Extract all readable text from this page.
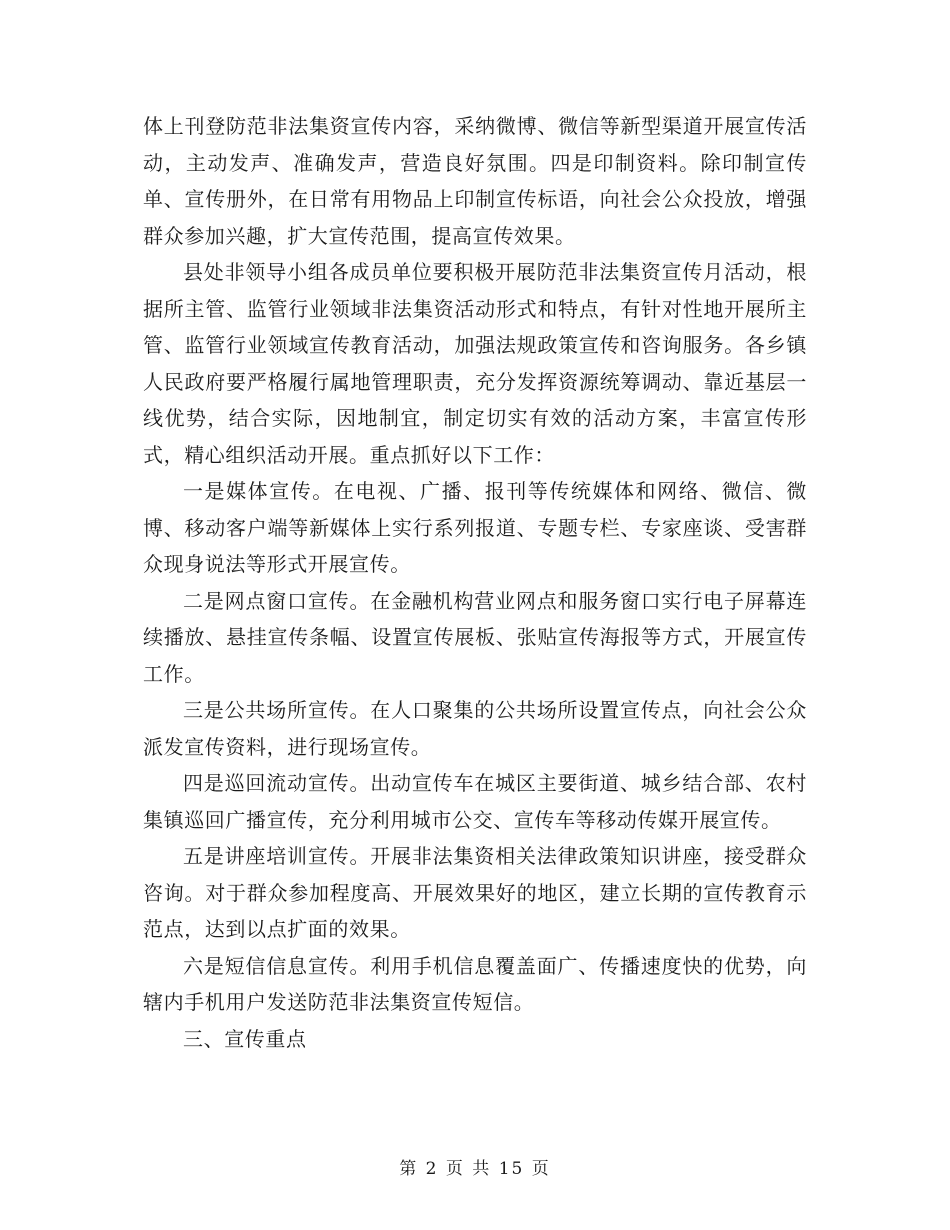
体上刊登防范非法集资宣传内容，采纳微博、微信等新型渠道开展宣传活动，主动发声、准确发声，营造良好氛围。四是印制资料。除印制宣传单、宣传册外，在日常有用物品上印制宣传标语，向社会公众投放，增强群众参加兴趣，扩大宣传范围，提高宣传效果。

县处非领导小组各成员单位要积极开展防范非法集资宣传月活动，根据所主管、监管行业领域非法集资活动形式和特点，有针对性地开展所主管、监管行业领域宣传教育活动，加强法规政策宣传和咨询服务。各乡镇人民政府要严格履行属地管理职责，充分发挥资源统筹调动、靠近基层一线优势，结合实际，因地制宜，制定切实有效的活动方案，丰富宣传形式，精心组织活动开展。重点抓好以下工作：

一是媒体宣传。在电视、广播、报刊等传统媒体和网络、微信、微博、移动客户端等新媒体上实行系列报道、专题专栏、专家座谈、受害群众现身说法等形式开展宣传。

二是网点窗口宣传。在金融机构营业网点和服务窗口实行电子屏幕连续播放、悬挂宣传条幅、设置宣传展板、张贴宣传海报等方式，开展宣传工作。

三是公共场所宣传。在人口聚集的公共场所设置宣传点，向社会公众派发宣传资料，进行现场宣传。

四是巡回流动宣传。出动宣传车在城区主要街道、城乡结合部、农村集镇巡回广播宣传，充分利用城市公交、宣传车等移动传媒开展宣传。

五是讲座培训宣传。开展非法集资相关法律政策知识讲座，接受群众咨询。对于群众参加程度高、开展效果好的地区，建立长期的宣传教育示范点，达到以点扩面的效果。

六是短信信息宣传。利用手机信息覆盖面广、传播速度快的优势，向辖内手机用户发送防范非法集资宣传短信。

三、宣传重点

第 2 页 共 15 页
